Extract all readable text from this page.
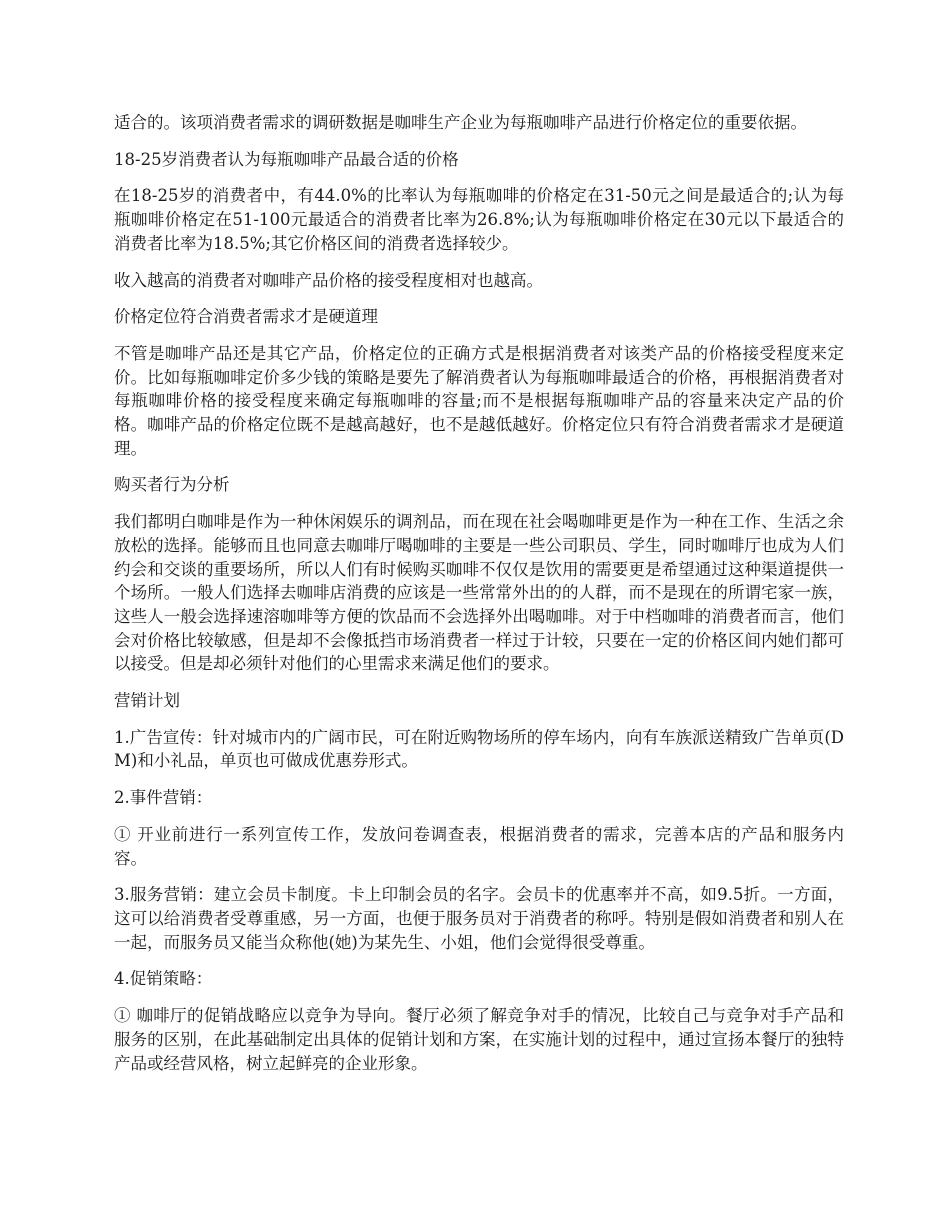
适合的。该项消费者需求的调研数据是咖啡生产企业为每瓶咖啡产品进行价格定位的重要依据。

18-25岁消费者认为每瓶咖啡产品最合适的价格

在18-25岁的消费者中，有44.0%的比率认为每瓶咖啡的价格定在31-50元之间是最适合的;认为每瓶咖啡价格定在51-100元最适合的消费者比率为26.8%;认为每瓶咖啡价格定在30元以下最适合的消费者比率为18.5%;其它价格区间的消费者选择较少。

收入越高的消费者对咖啡产品价格的接受程度相对也越高。

价格定位符合消费者需求才是硬道理

不管是咖啡产品还是其它产品，价格定位的正确方式是根据消费者对该类产品的价格接受程度来定价。比如每瓶咖啡定价多少钱的策略是要先了解消费者认为每瓶咖啡最适合的价格，再根据消费者对每瓶咖啡价格的接受程度来确定每瓶咖啡的容量;而不是根据每瓶咖啡产品的容量来决定产品的价格。咖啡产品的价格定位既不是越高越好，也不是越低越好。价格定位只有符合消费者需求才是硬道理。

购买者行为分析

我们都明白咖啡是作为一种休闲娱乐的调剂品，而在现在社会喝咖啡更是作为一种在工作、生活之余放松的选择。能够而且也同意去咖啡厅喝咖啡的主要是一些公司职员、学生，同时咖啡厅也成为人们约会和交谈的重要场所，所以人们有时候购买咖啡不仅仅是饮用的需要更是希望通过这种渠道提供一个场所。一般人们选择去咖啡店消费的应该是一些常常外出的的人群，而不是现在的所谓宅家一族，这些人一般会选择速溶咖啡等方便的饮品而不会选择外出喝咖啡。对于中档咖啡的消费者而言，他们会对价格比较敏感，但是却不会像抵挡市场消费者一样过于计较，只要在一定的价格区间内她们都可以接受。但是却必须针对他们的心里需求来满足他们的要求。

营销计划

1.广告宣传：针对城市内的广阔市民，可在附近购物场所的停车场内，向有车族派送精致广告单页(DM)和小礼品，单页也可做成优惠券形式。

2.事件营销：

① 开业前进行一系列宣传工作，发放问卷调查表，根据消费者的需求，完善本店的产品和服务内容。

3.服务营销：建立会员卡制度。卡上印制会员的名字。会员卡的优惠率并不高，如9.5折。一方面，这可以给消费者受尊重感，另一方面，也便于服务员对于消费者的称呼。特别是假如消费者和别人在一起，而服务员又能当众称他(她)为某先生、小姐，他们会觉得很受尊重。

4.促销策略：

① 咖啡厅的促销战略应以竞争为导向。餐厅必须了解竞争对手的情况，比较自己与竞争对手产品和服务的区别，在此基础制定出具体的促销计划和方案，在实施计划的过程中，通过宣扬本餐厅的独特产品或经营风格，树立起鲜亮的企业形象。
